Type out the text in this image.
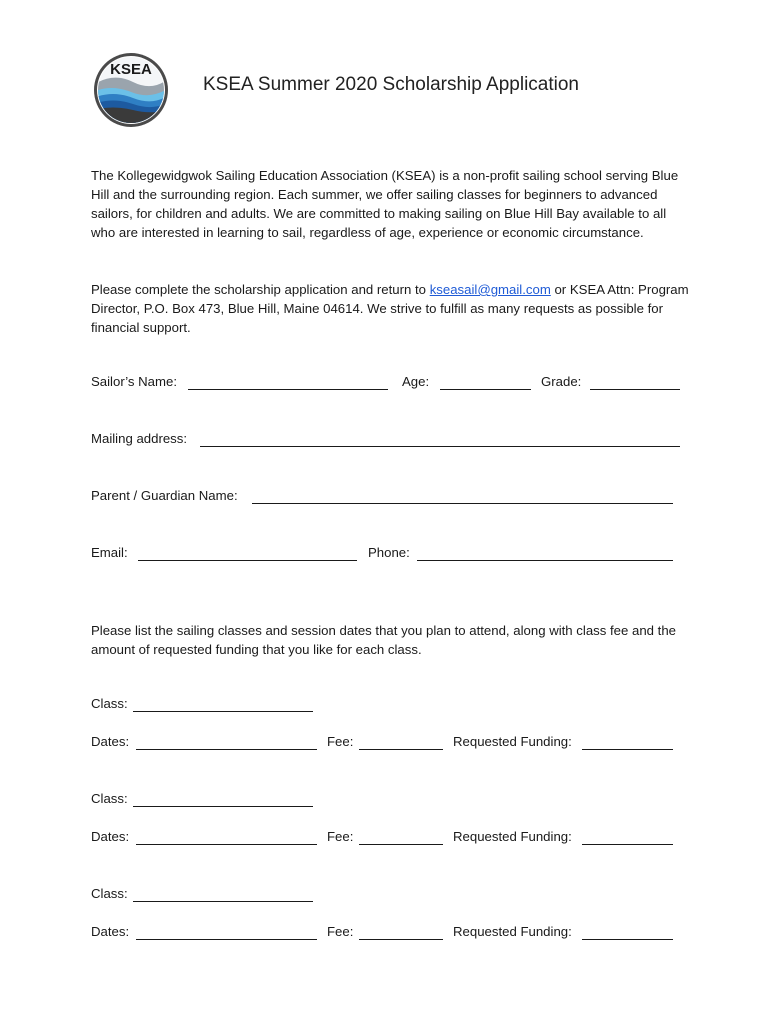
KSEA
KSEA Summer 2020 Scholarship Application

The Kollegewidgwok Sailing Education Association (KSEA) is a non-profit sailing school serving Blue Hill and the surrounding region. Each summer, we offer sailing classes for beginners to advanced sailors, for children and adults. We are committed to making sailing on Blue Hill Bay available to all who are interested in learning to sail, regardless of age, experience or economic circumstance.

Please complete the scholarship application and return to kseasail@gmail.com or KSEA Attn: Program Director, P.O. Box 473, Blue Hill, Maine 04614. We strive to fulfill as many requests as possible for financial support.

Sailor’s Name:	Age:	Grade:
Mailing address:
Parent / Guardian Name:
Email:	Phone:

Please list the sailing classes and session dates that you plan to attend, along with class fee and the amount of requested funding that you like for each class.

Class:
Dates:	Fee:	Requested Funding:
Class:
Dates:	Fee:	Requested Funding:
Class:
Dates:	Fee:	Requested Funding:
